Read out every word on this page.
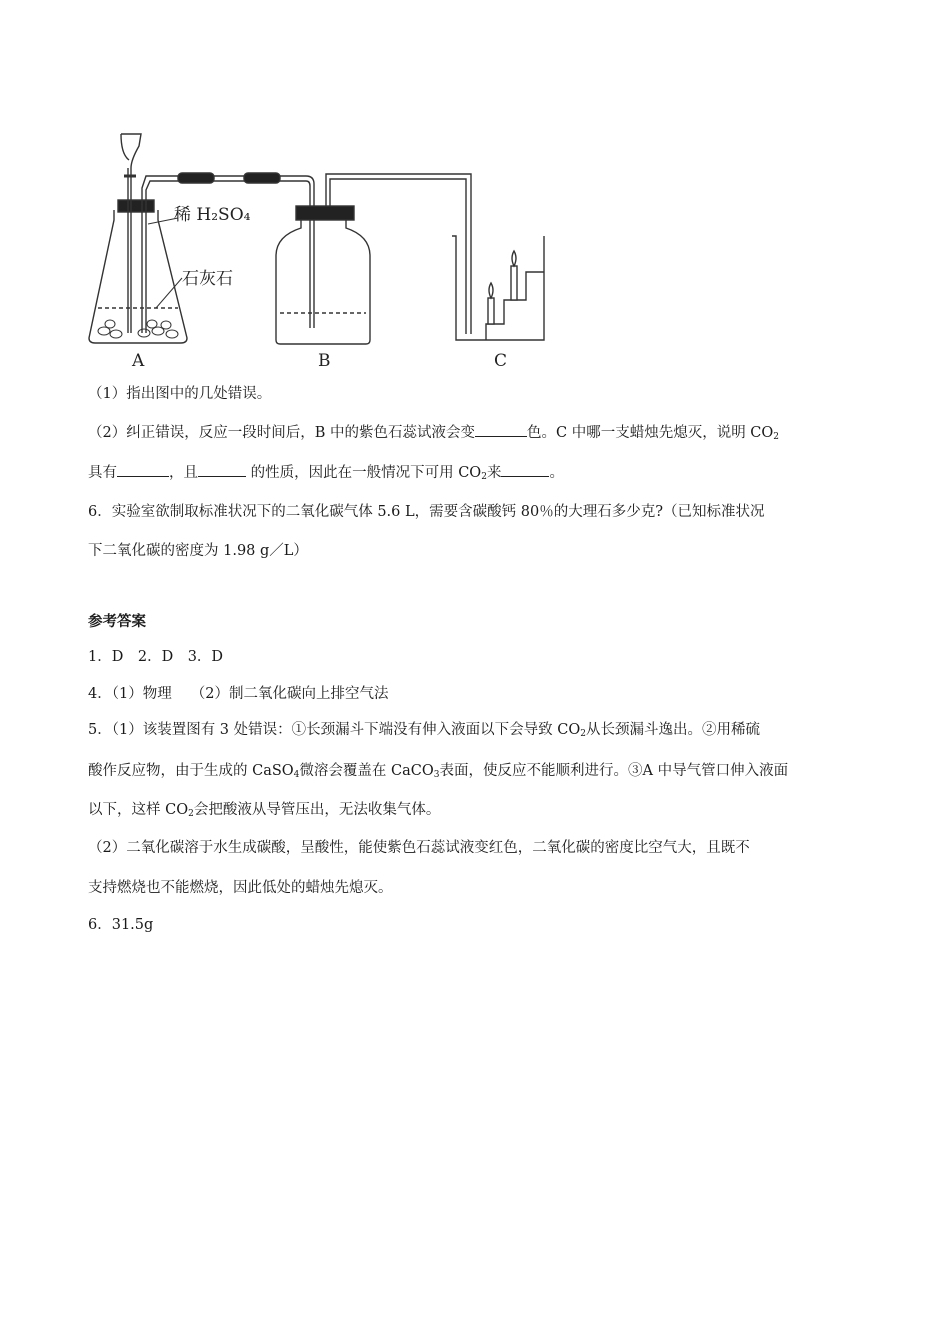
稀 H₂SO₄
石灰石
A	B	C
（1）指出图中的几处错误。
（2）纠正错误，反应一段时间后，B 中的紫色石蕊试液会变	色。C 中哪一支蜡烛先熄灭，说明 $CO_2$
具有	，且	的性质，因此在一般情况下可用 $CO_2$来	。
6．实验室欲制取标准状况下的二氧化碳气体 5.6 L，需要含碳酸钙 80％的大理石多少克?（已知标准状况
下二氧化碳的密度为 1.98 g／L）
参考答案
1．D　2．D　3．D
4．（1）物理　 （2）制二氧化碳向上排空气法
5．（1）该装置图有 3 处错误：①长颈漏斗下端没有伸入液面以下会导致 $CO_2$从长颈漏斗逸出。②用稀硫
酸作反应物，由于生成的 CaSO$_4$微溶会覆盖在 CaCO$_3$表面，使反应不能顺利进行。③A 中导气管口伸入液面
以下，这样 $CO_2$会把酸液从导管压出，无法收集气体。
（2）二氧化碳溶于水生成碳酸，呈酸性，能使紫色石蕊试液变红色，二氧化碳的密度比空气大，且既不
支持燃烧也不能燃烧，因此低处的蜡烛先熄灭。
6．31.5g
